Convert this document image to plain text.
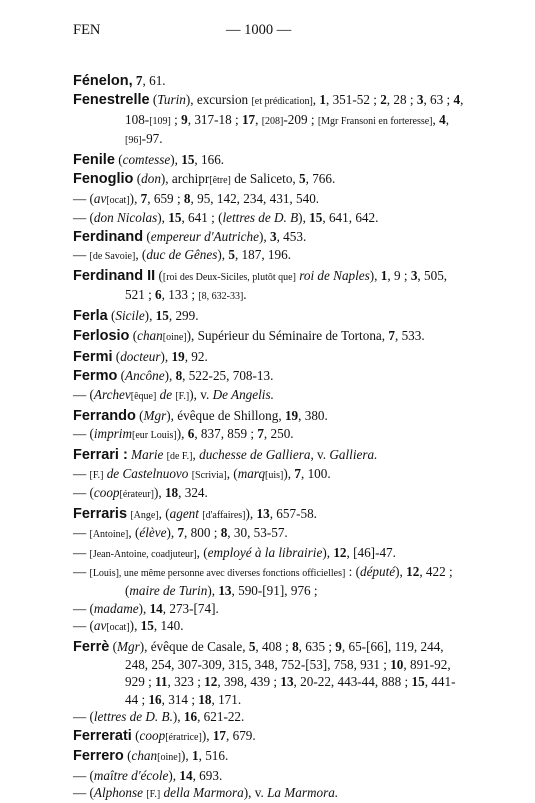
FEN	— 1000 —
Fénelon, 7, 61.
Fenestrelle (Turin), excursion [et prédication], 1, 351-52 ; 2, 28 ; 3, 63 ; 4, 108-[109] ; 9, 317-18 ; 17, [208]-209 ; [Mgr Fransoni en forteresse], 4, [96]-97.
Fenile (comtesse), 15, 166.
Fenoglio (don), archipr[être] de Saliceto, 5, 766.
— (av[ocat]), 7, 659 ; 8, 95, 142, 234, 431, 540.
— (don Nicolas), 15, 641 ; (lettres de D. B), 15, 641, 642.
Ferdinand (empereur d'Autriche), 3, 453.
— [de Savoie], (duc de Gênes), 5, 187, 196.
Ferdinand II ([roi des Deux-Siciles, plutôt que] roi de Naples), 1, 9 ; 3, 505, 521 ; 6, 133 ; [8, 632-33].
Ferla (Sicile), 15, 299.
Ferlosio (chan[oine]), Supérieur du Séminaire de Tortona, 7, 533.
Fermi (docteur), 19, 92.
Fermo (Ancône), 8, 522-25, 708-13.
— (Archev[êque] de [F.]), v. De Angelis.
Ferrando (Mgr), évêque de Shillong, 19, 380.
— (imprim[eur Louis]), 6, 837, 859 ; 7, 250.
Ferrari : Marie [de F.], duchesse de Galliera, v. Galliera.
— [F.] de Castelnuovo [Scrivia], (marq[uis]), 7, 100.
— (coop[érateur]), 18, 324.
Ferraris [Ange], (agent [d'affaires]), 13, 657-58.
— [Antoine], (élève), 7, 800 ; 8, 30, 53-57.
— [Jean-Antoine, coadjuteur], (employé à la librairie), 12, [46]-47.
— [Louis], une même personne avec diverses fonctions officielles] : (député), 12, 422 ; (maire de Turin), 13, 590-[91], 976 ;
— (madame), 14, 273-[74].
— (av[ocat]), 15, 140.
Ferrè (Mgr), évêque de Casale, 5, 408 ; 8, 635 ; 9, 65-[66], 119, 244, 248, 254, 307-309, 315, 348, 752-[53], 758, 931 ; 10, 891-92, 929 ; 11, 323 ; 12, 398, 439 ; 13, 20-22, 443-44, 888 ; 15, 441-44 ; 16, 314 ; 18, 171.
— (lettres de D. B.), 16, 621-22.
Ferrerati (coop[ératrice]), 17, 679.
Ferrero (chan[oine]), 1, 516.
— (maître d'école), 14, 693.
— (Alphonse [F.] della Marmora), v. La Marmora.
